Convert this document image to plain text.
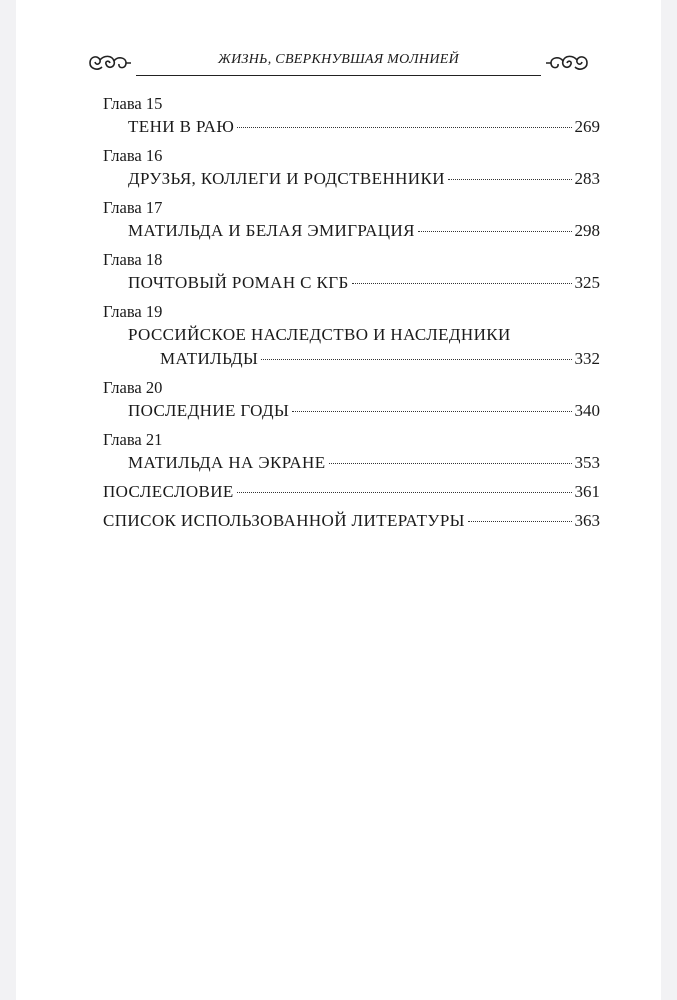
ЖИЗНЬ, СВЕРКНУВШАЯ МОЛНИЕЙ
Глава 15
ТЕНИ В РАЮ	269
Глава 16
ДРУЗЬЯ, КОЛЛЕГИ И РОДСТВЕННИКИ	283
Глава 17
МАТИЛЬДА И БЕЛАЯ ЭМИГРАЦИЯ	298
Глава 18
ПОЧТОВЫЙ РОМАН С КГБ	325
Глава 19
РОССИЙСКОЕ НАСЛЕДСТВО И НАСЛЕДНИКИ
МАТИЛЬДЫ	332
Глава 20
ПОСЛЕДНИЕ ГОДЫ	340
Глава 21
МАТИЛЬДА НА ЭКРАНЕ	353
ПОСЛЕСЛОВИЕ	361
СПИСОК ИСПОЛЬЗОВАННОЙ ЛИТЕРАТУРЫ	363
